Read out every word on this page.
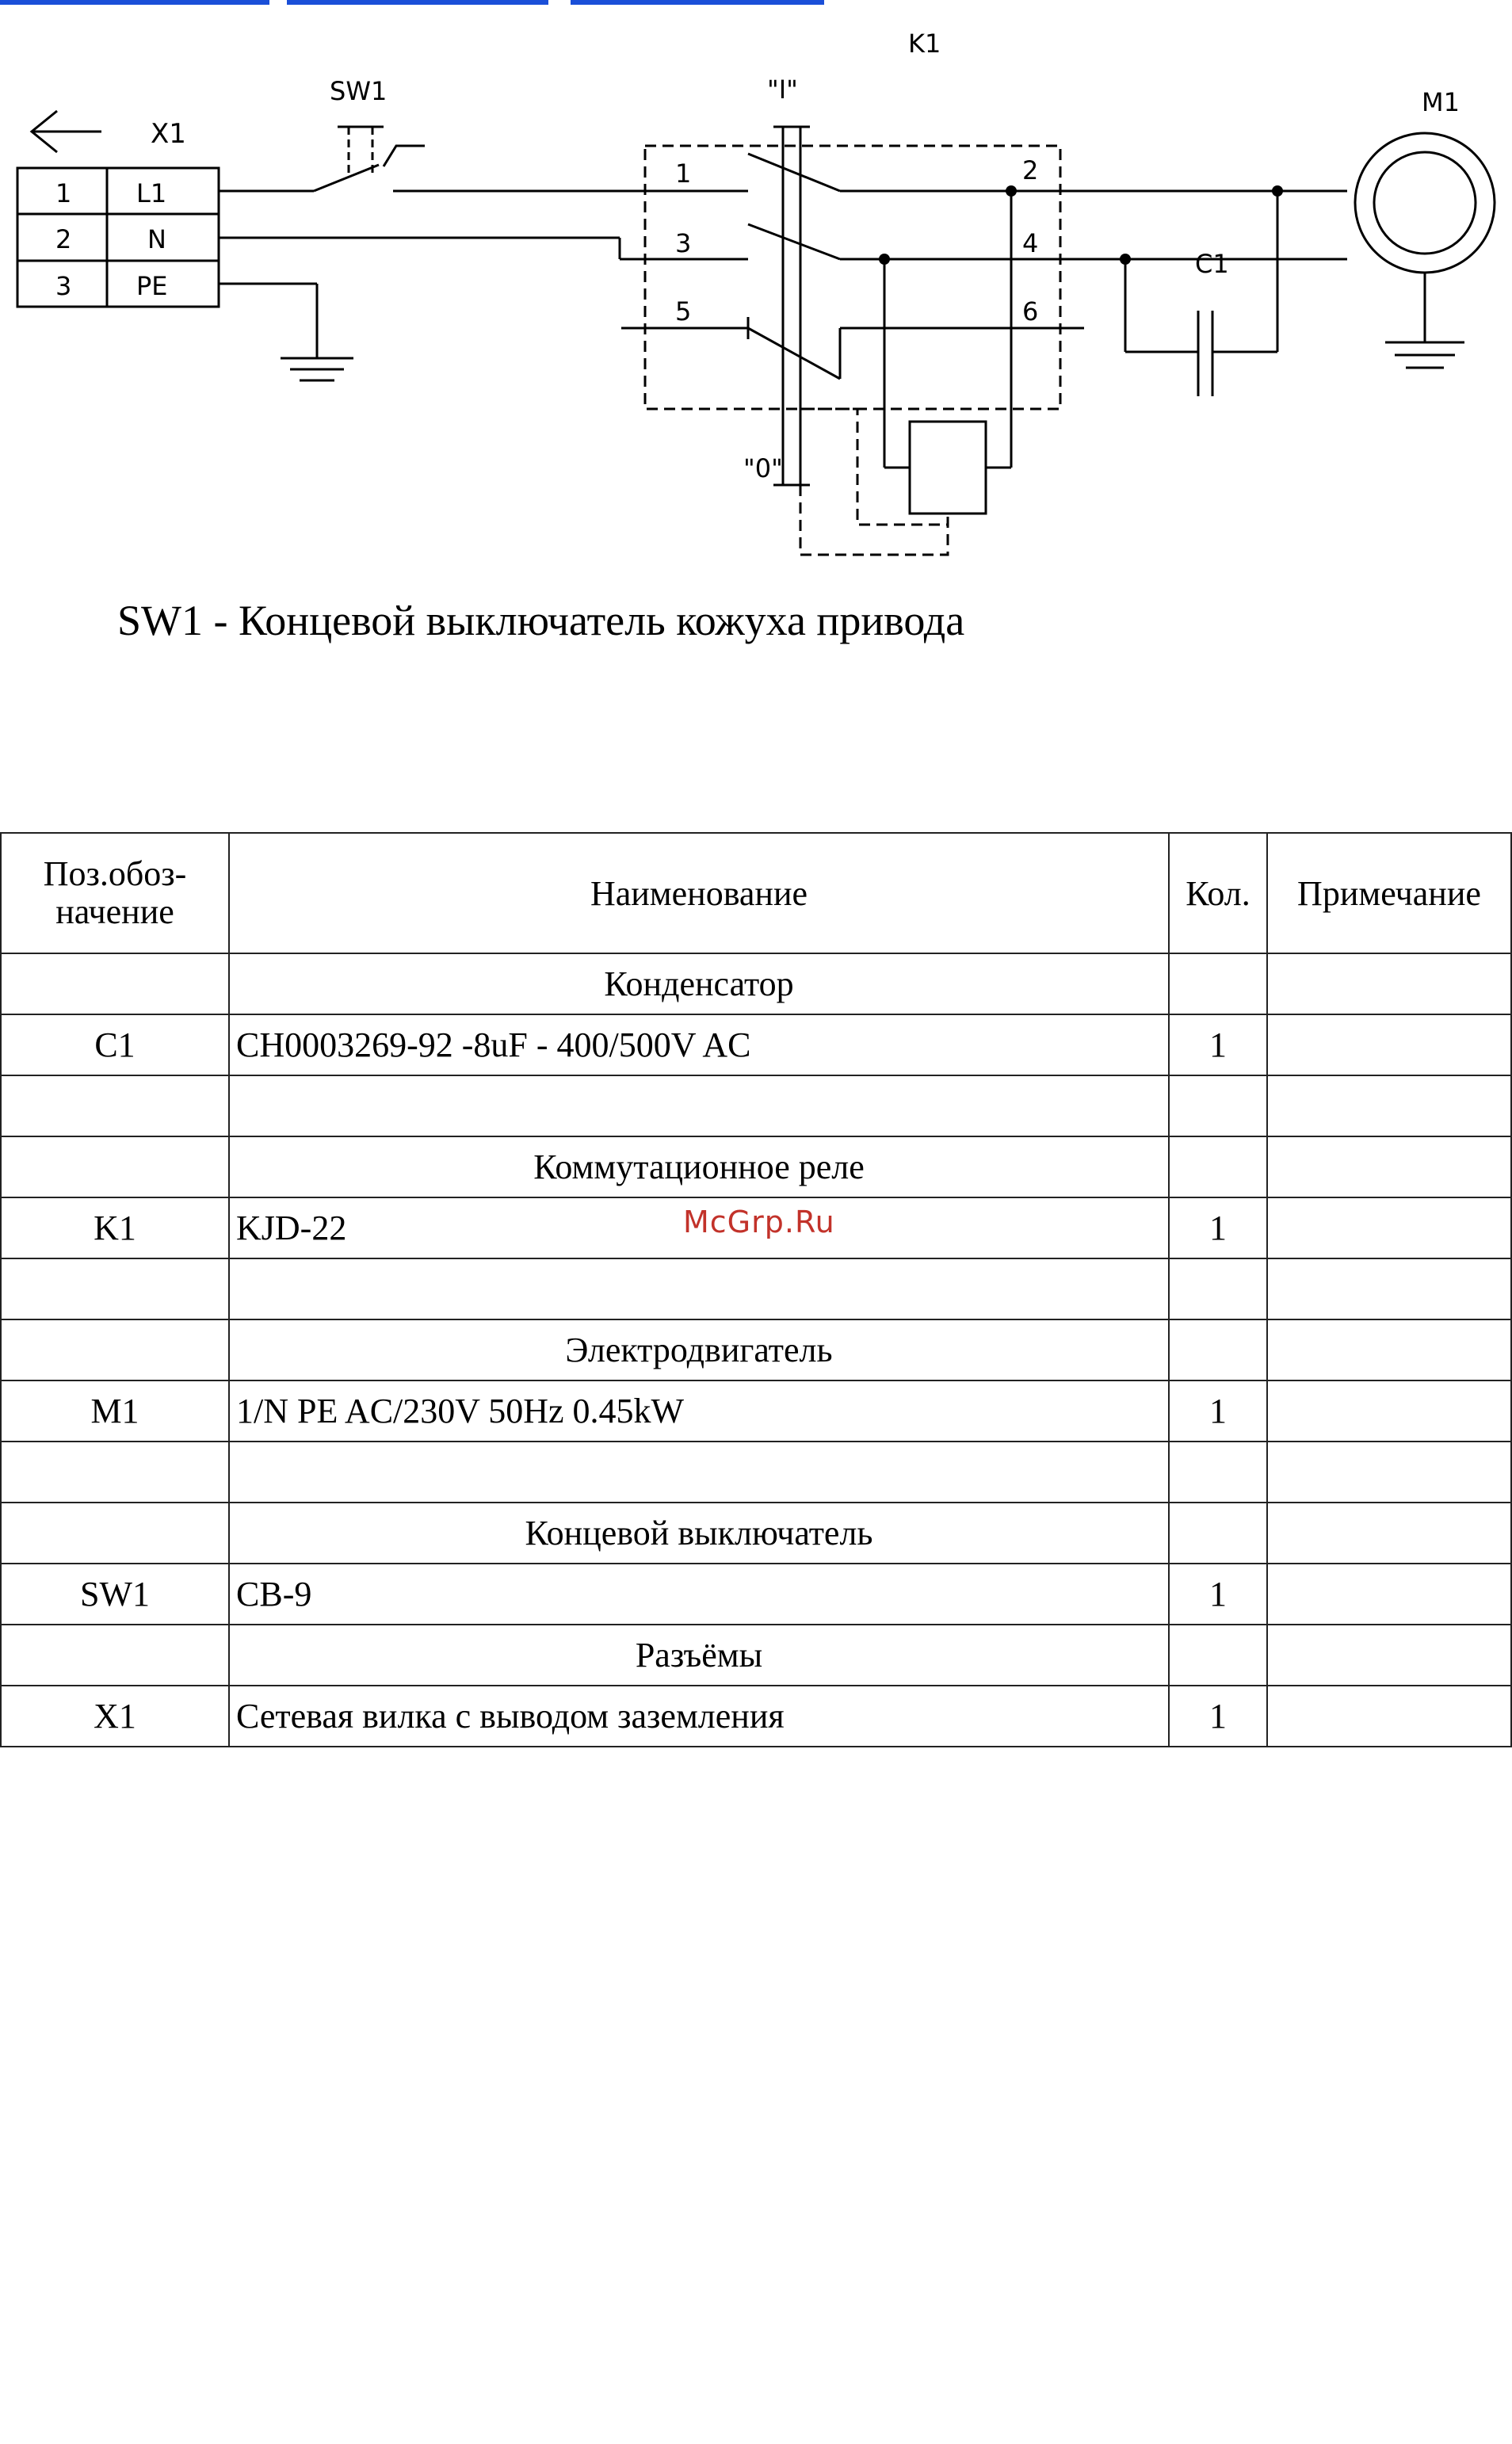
X1
1	L1
2	N
3	PE
SW1
K1
"I"
"0"
1	2
3	4
5	6
C1
M1
SW1 - Концевой выключатель кожуха привода
Поз.обоз-
начение	Наименование	Кол.	Примечание
	Конденсатор		
C1	CH0003269-92 -8uF - 400/500V AC	1	

	Коммутационное реле		
K1	KJD-22	1	

	Электродвигатель		
M1	1/N PE AC/230V 50Hz 0.45kW	1	

	Концевой выключатель		
SW1	CB-9	1	
	Разъёмы		
X1	Сетевая вилка с выводом заземления	1	
McGrp.Ru
